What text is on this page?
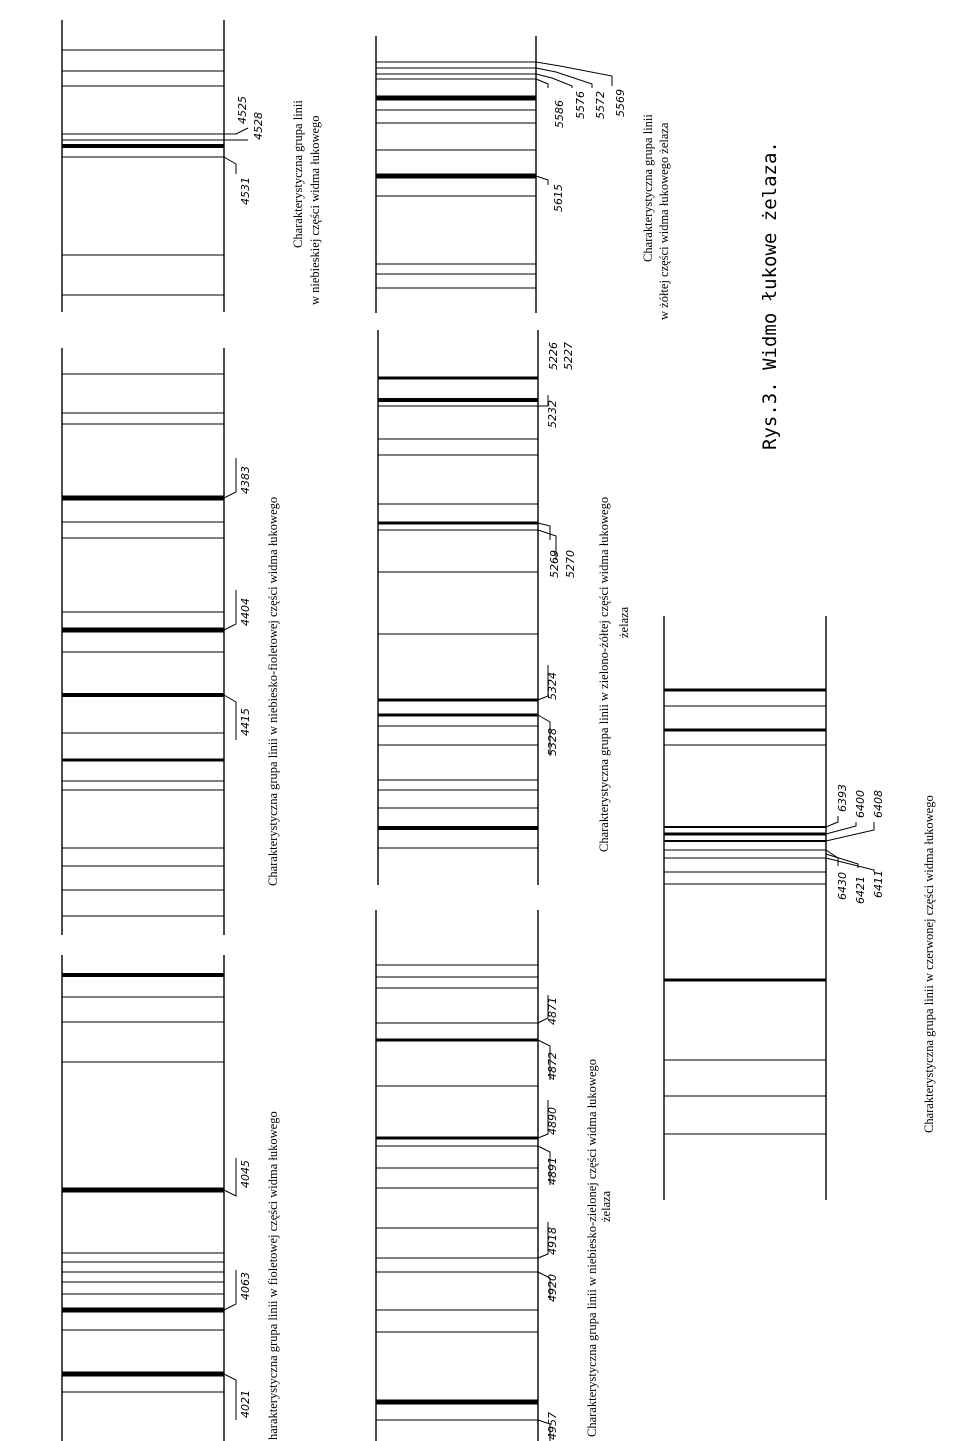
4021
4063
4045 harakterystyczna grupa linii w fioletowej części widma łukowego
4415
4404
4383
Charakterystyczna grupa linii w niebiesko-fioletowej części widma łukowego
4525
4528
4531	Charakterystyczna grupa linii w niebieskiej części widma łukowego
4957
4920
4918
4891
4890
4872
4871
Charakterystyczna grupa linii w niebiesko-zielonej części widma łukowego żelaza
5328
5324
5270
5269
5232
5227
5226
Charakterystyczna grupa linii w zielono-żółtej części widma łukowego żelaza
5569
5572
5576
5586
5615	Charakterystyczna grupa linii w żółtej części widma łukowego żelaza
6393 6400 6408
6411
6421
6430	Charakterystyczna grupa linii w czerwonej części widma łukowego
Rys.3. Widmo łukowe żelaza.
